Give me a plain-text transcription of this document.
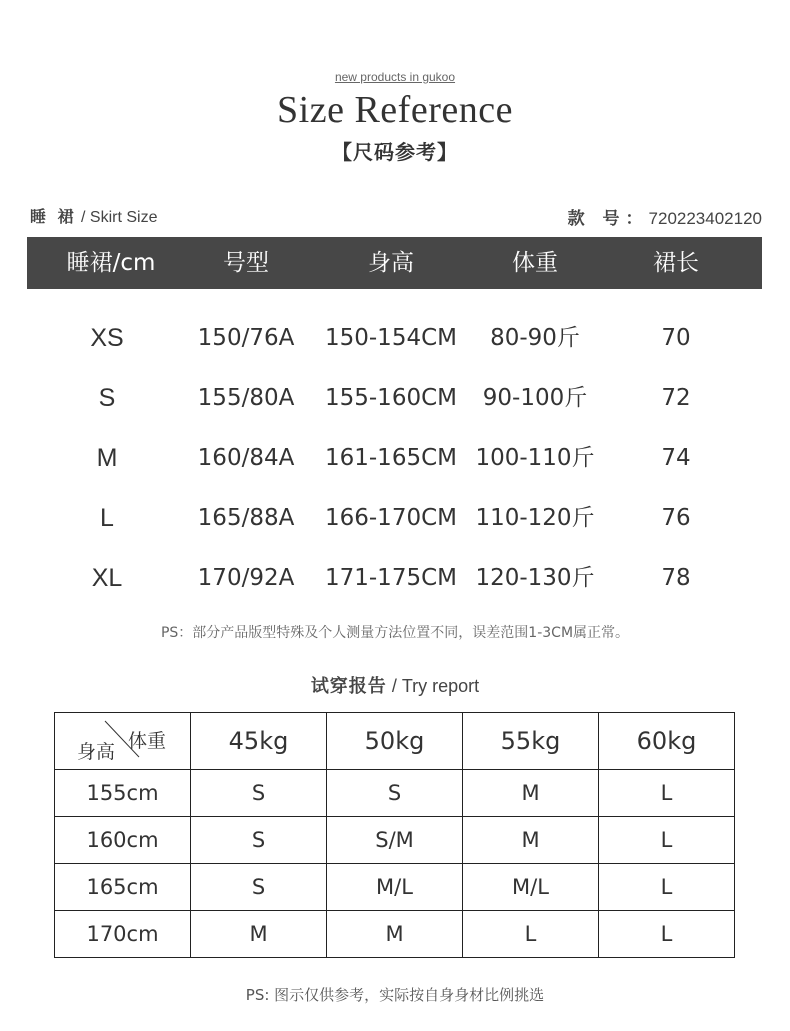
new products in gukoo
Size Reference
【尺码参考】
睡 裙 / Skirt Size	款 号：720223402120
睡裙/cm	号型	身高	体重	裙长
XS	150/76A	150-154CM	80-90斤	70
S	155/80A	155-160CM	90-100斤	72
M	160/84A	161-165CM 100-110斤	74
L	165/88A	166-170CM 110-120斤	76
XL	170/92A	171-175CM 120-130斤	78
PS：部分产品版型特殊及个人测量方法位置不同，误差范围1-3CM属正常。
试穿报告 / Try report
身高 体重	45kg	50kg	55kg	60kg
155cm	S	S	M	L
160cm	S	S/M	M	L
165cm	S	M/L	M/L	L
170cm	M	M	L	L
PS: 图示仅供参考，实际按自身身材比例挑选
